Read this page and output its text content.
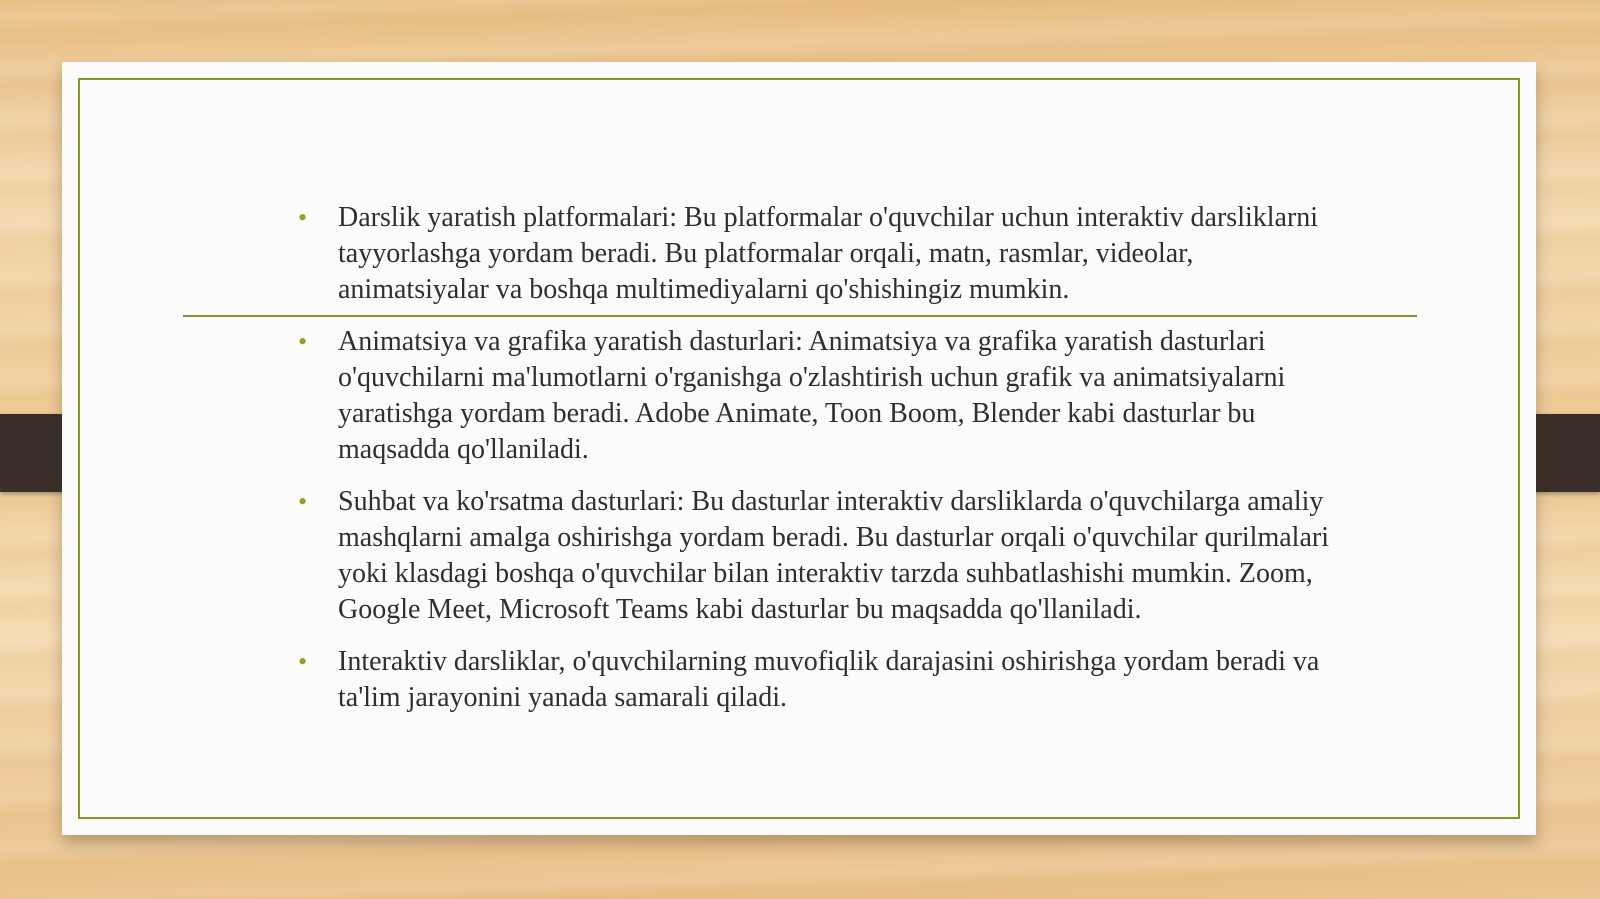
• Darslik yaratish platformalari: Bu platformalar o'quvchilar uchun interaktiv darsliklarni tayyorlashga yordam beradi. Bu platformalar orqali, matn, rasmlar, videolar, animatsiyalar va boshqa multimediyalarni qo'shishingiz mumkin.
• Animatsiya va grafika yaratish dasturlari: Animatsiya va grafika yaratish dasturlari o'quvchilarni ma'lumotlarni o'rganishga o'zlashtirish uchun grafik va animatsiyalarni yaratishga yordam beradi. Adobe Animate, Toon Boom, Blender kabi dasturlar bu maqsadda qo'llaniladi.
• Suhbat va ko'rsatma dasturlari: Bu dasturlar interaktiv darsliklarda o'quvchilarga amaliy mashqlarni amalga oshirishga yordam beradi. Bu dasturlar orqali o'quvchilar qurilmalari yoki klasdagi boshqa o'quvchilar bilan interaktiv tarzda suhbatlashishi mumkin. Zoom, Google Meet, Microsoft Teams kabi dasturlar bu maqsadda qo'llaniladi.
• Interaktiv darsliklar, o'quvchilarning muvofiqlik darajasini oshirishga yordam beradi va ta'lim jarayonini yanada samarali qiladi.
